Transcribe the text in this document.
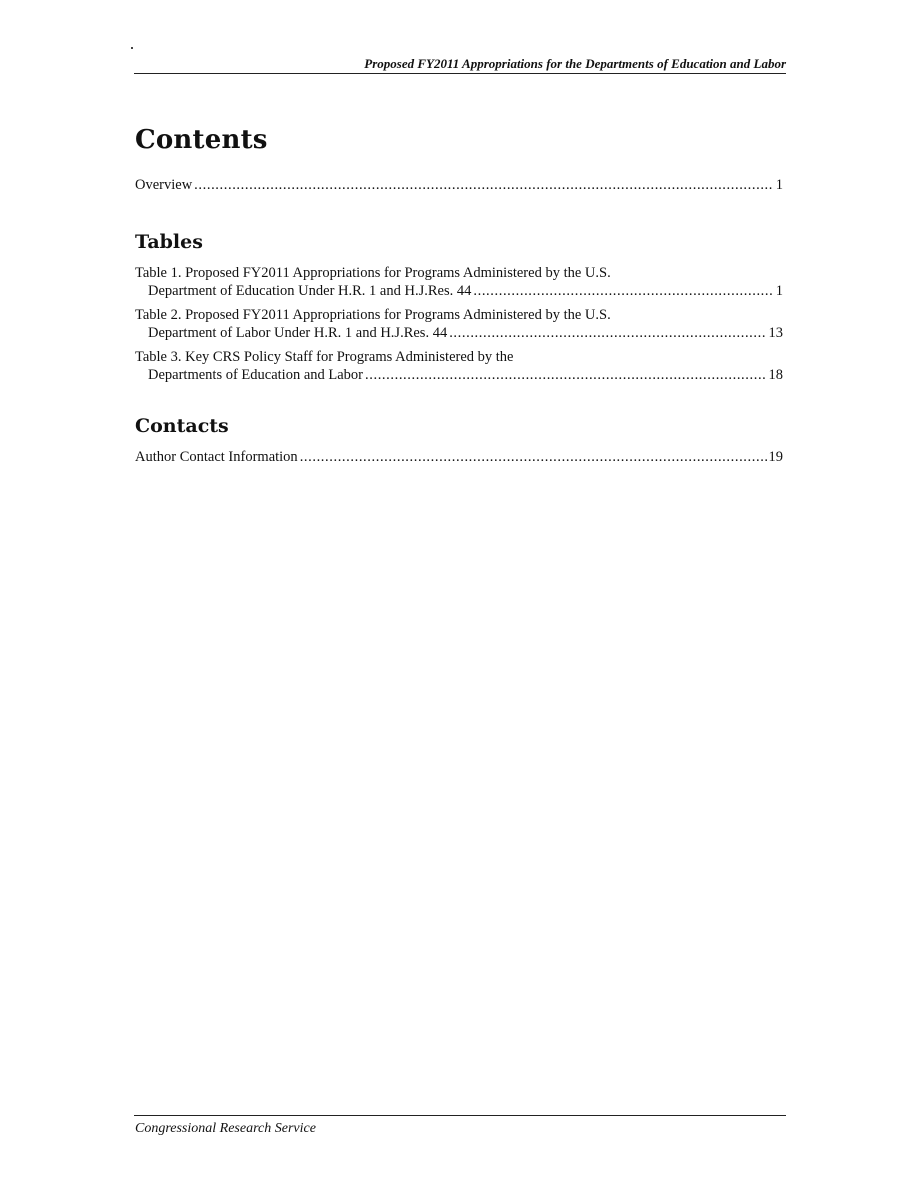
Proposed FY2011 Appropriations for the Departments of Education and Labor
Contents
Overview .....	1
Tables
Table 1. Proposed FY2011 Appropriations for Programs Administered by the U.S.
Department of Education Under H.R. 1 and H.J.Res. 44 .....	1
Table 2. Proposed FY2011 Appropriations for Programs Administered by the U.S.
Department of Labor Under H.R. 1 and H.J.Res. 44 .....	13
Table 3. Key CRS Policy Staff for Programs Administered by the
Departments of Education and Labor .....	18
Contacts
Author Contact Information .....	19
Congressional Research Service
